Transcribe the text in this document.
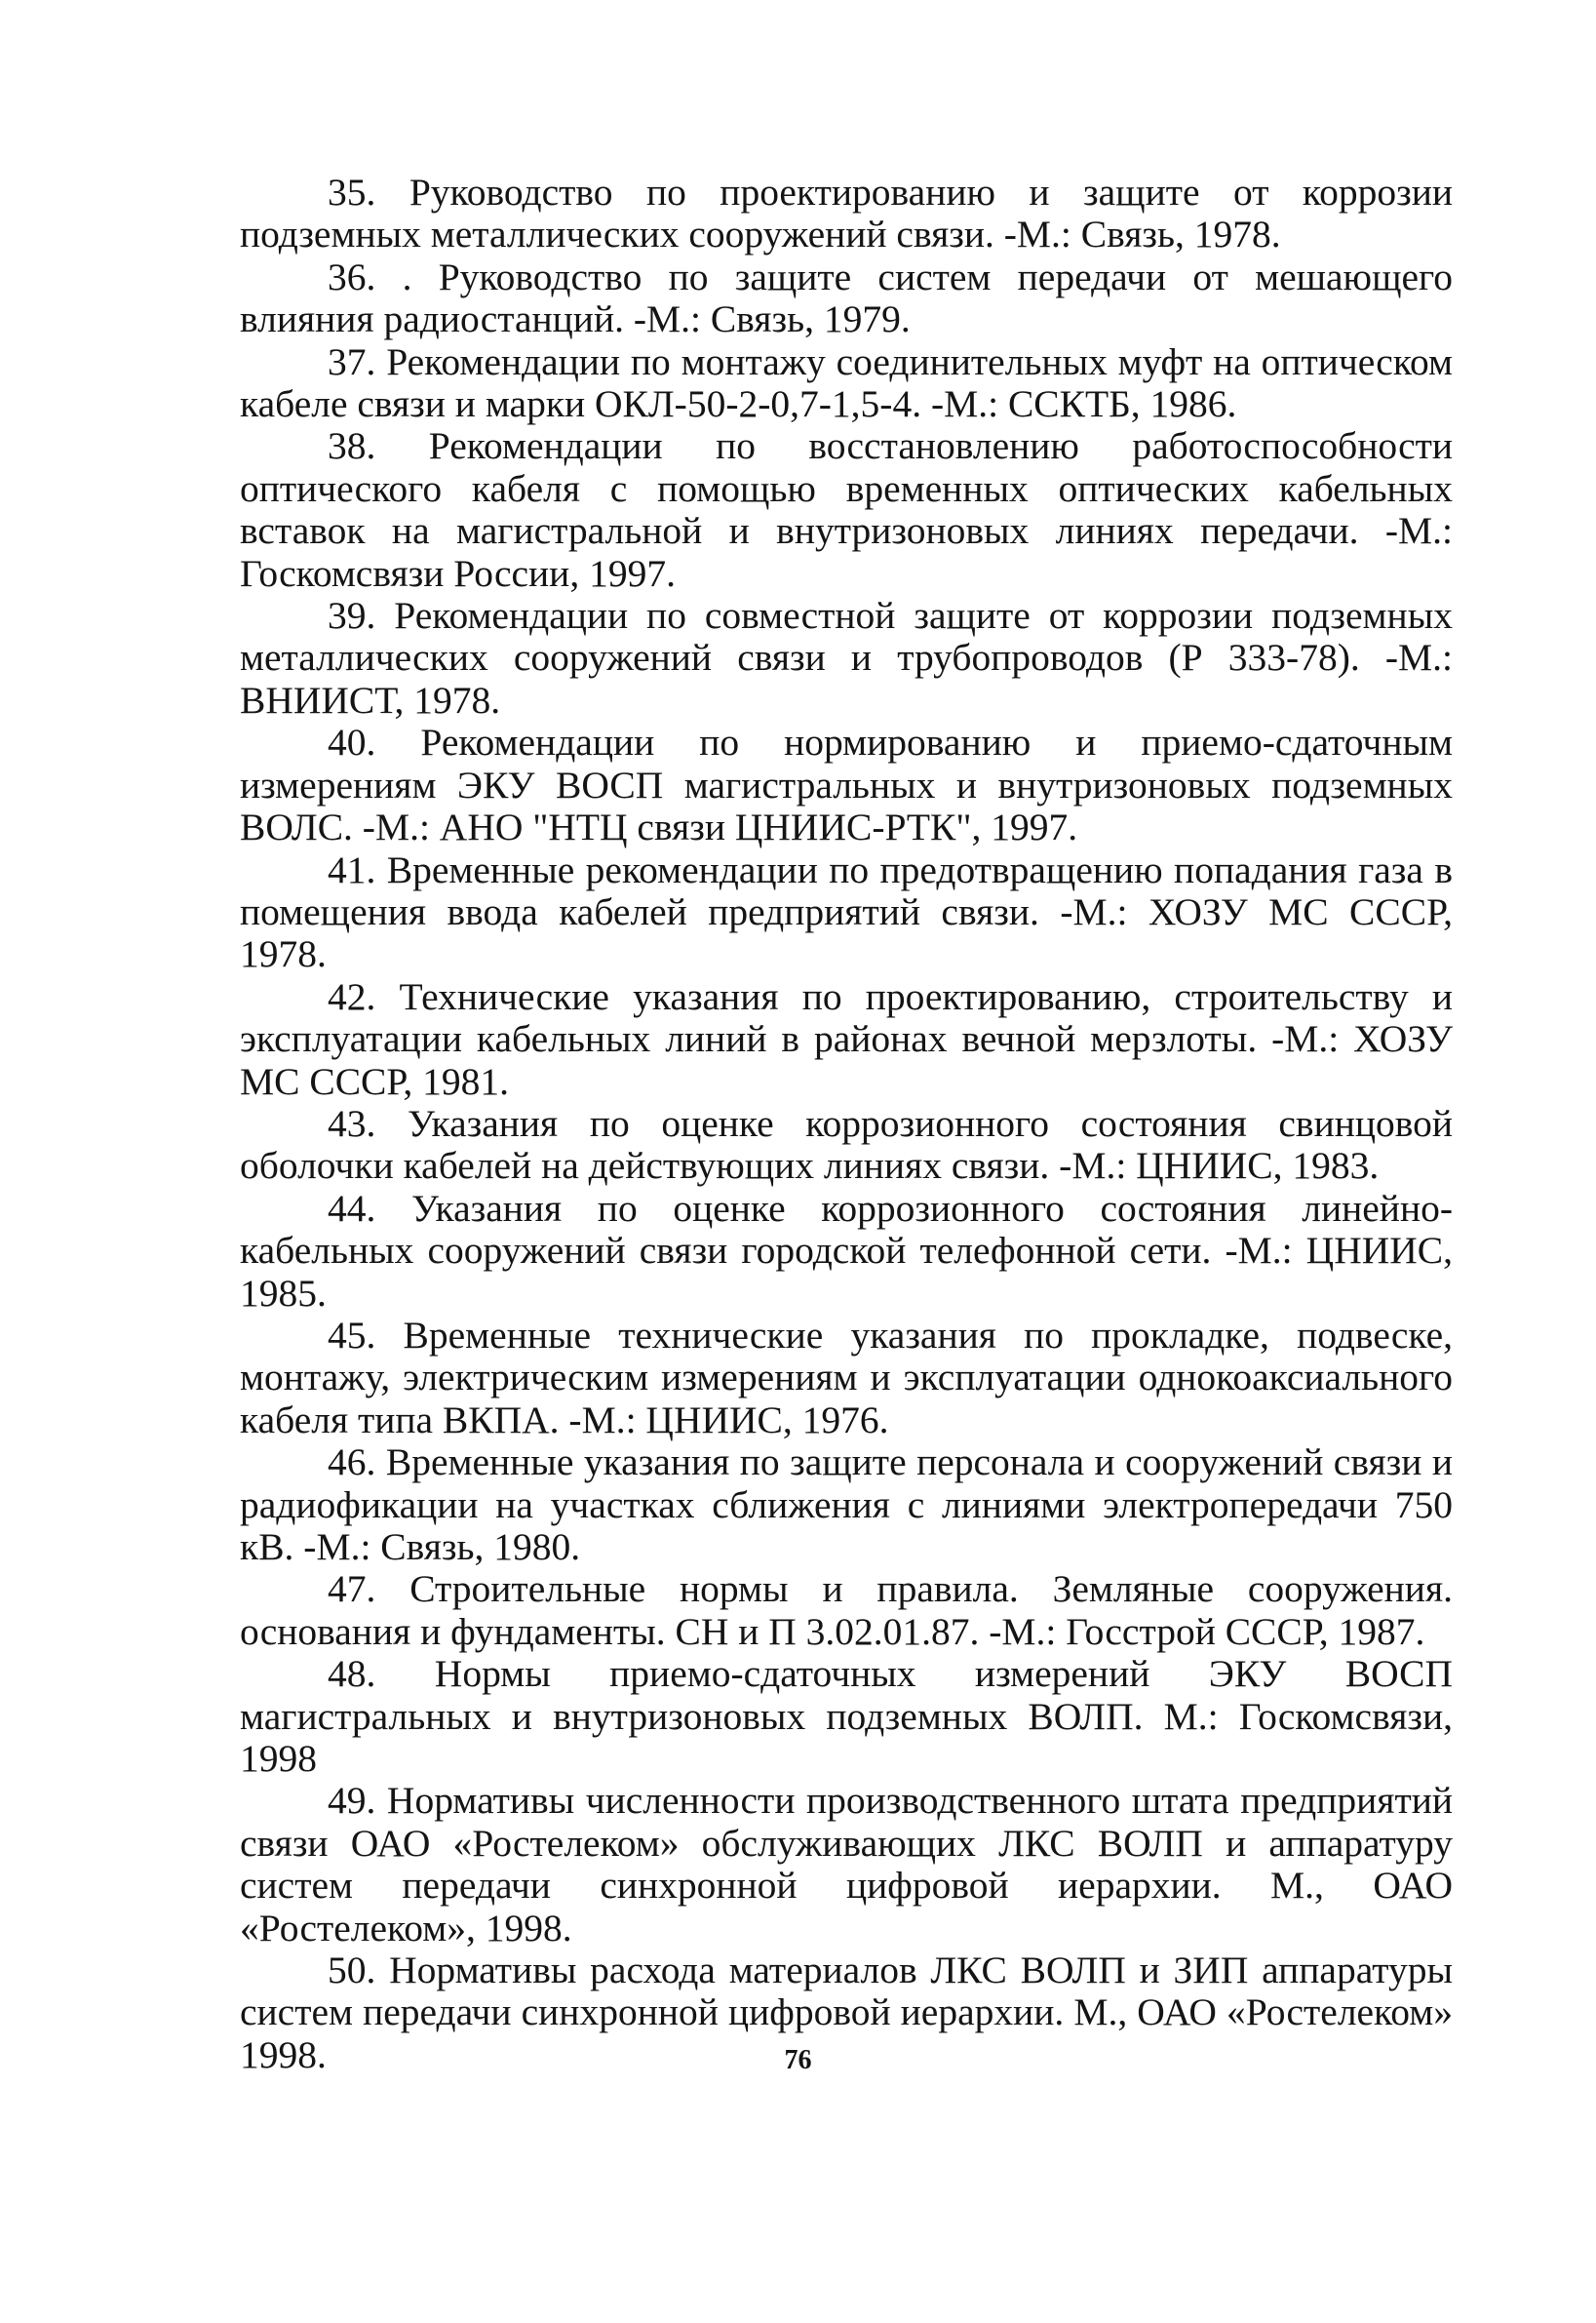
35. Руководство по проектированию и защите от коррозии подземных металлических сооружений связи. -М.: Связь, 1978.

36. . Руководство по защите систем передачи от мешающего влияния радиостанций. -М.: Связь, 1979.

37. Рекомендации по монтажу соединительных муфт на оптическом кабеле связи и марки ОКЛ-50-2-0,7-1,5-4. -М.: ССКТБ, 1986.

38. Рекомендации по восстановлению работоспособности оптического кабеля с помощью временных оптических кабельных вставок на магистральной и внутризоновых линиях передачи. -М.: Госкомсвязи России, 1997.

39. Рекомендации по совместной защите от коррозии подземных металлических сооружений связи и трубопроводов (Р 333-78). -М.: ВНИИСТ, 1978.

40. Рекомендации по нормированию и приемо-сдаточным измерениям ЭКУ ВОСП магистральных и внутризоновых подземных ВОЛС. -М.: АНО "НТЦ связи ЦНИИС-РТК", 1997.

41. Временные рекомендации по предотвращению попадания газа в помещения ввода кабелей предприятий связи. -М.: ХОЗУ МС СССР, 1978.

42. Технические указания по проектированию, строительству и эксплуатации кабельных линий в районах вечной мерзлоты. -М.: ХОЗУ МС СССР, 1981.

43. Указания по оценке коррозионного состояния свинцовой оболочки кабелей на действующих линиях связи. -М.: ЦНИИС, 1983.

44. Указания по оценке коррозионного состояния линейно-кабельных сооружений связи городской телефонной сети. -М.: ЦНИИС, 1985.

45. Временные технические указания по прокладке, подвеске, монтажу, электрическим измерениям и эксплуатации однокоаксиального кабеля типа ВКПА. -М.: ЦНИИС, 1976.

46. Временные указания по защите персонала и сооружений связи и радиофикации на участках сближения с линиями электропередачи 750 кВ. -М.: Связь, 1980.

47. Строительные нормы и правила. Земляные сооружения. основания и фундаменты. СН и П 3.02.01.87. -М.: Госстрой СССР, 1987.

48. Нормы приемо-сдаточных измерений ЭКУ ВОСП магистральных и внутризоновых подземных ВОЛП. М.: Госкомсвязи, 1998

49. Нормативы численности производственного штата предприятий связи ОАО «Ростелеком» обслуживающих ЛКС ВОЛП и аппаратуру систем передачи синхронной цифровой иерархии. М., ОАО «Ростелеком», 1998.

50. Нормативы расхода материалов ЛКС ВОЛП и ЗИП аппаратуры систем передачи синхронной цифровой иерархии. М., ОАО «Ростелеком» 1998.	76
